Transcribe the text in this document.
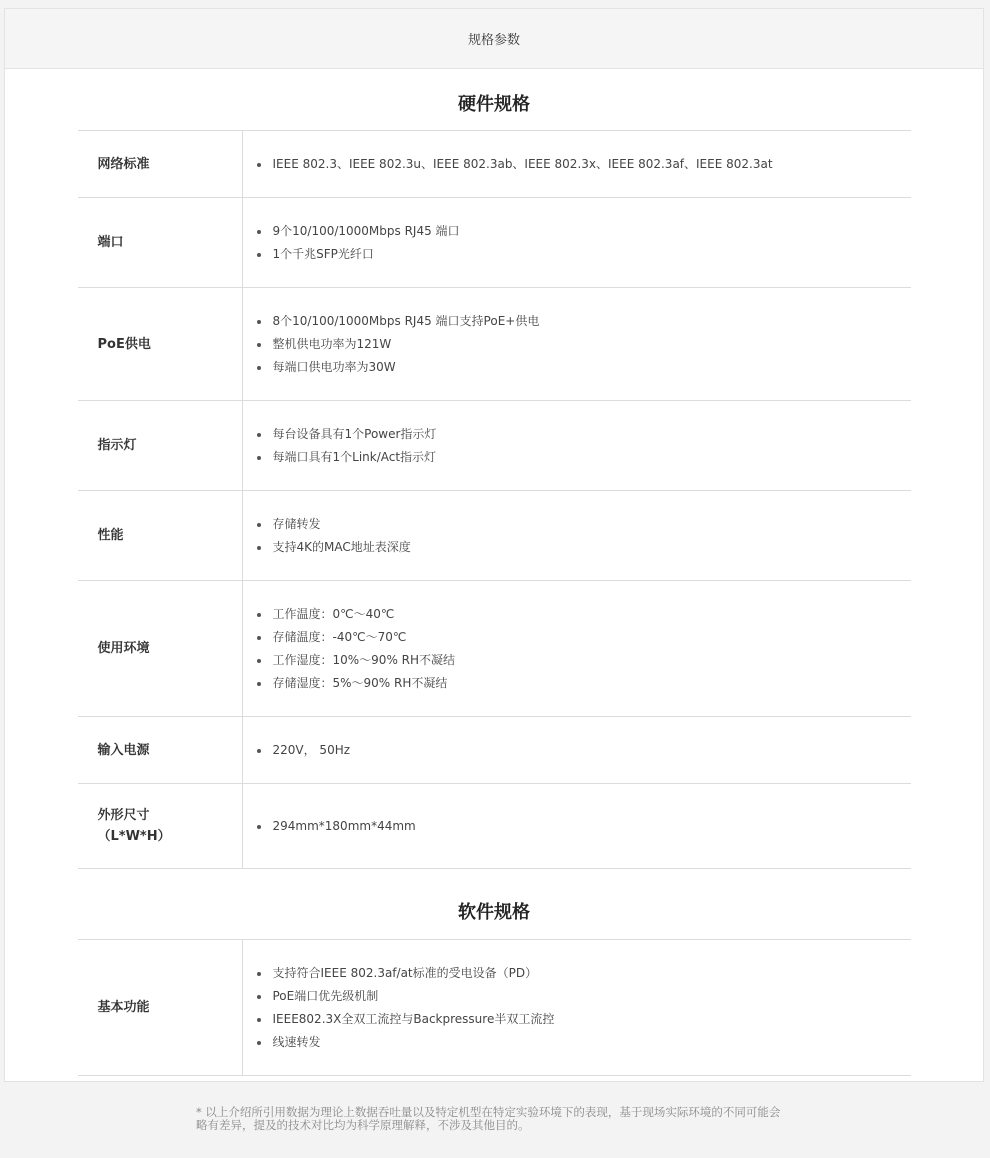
规格参数
硬件规格
网络标准	IEEE 802.3、IEEE 802.3u、IEEE 802.3ab、IEEE 802.3x、IEEE 802.3af、IEEE 802.3at
端口
9个10/100/1000Mbps RJ45 端口
1个千兆SFP光纤口
PoE供电
8个10/100/1000Mbps RJ45 端口支持PoE+供电
整机供电功率为121W
每端口供电功率为30W
指示灯
每台设备具有1个Power指示灯
每端口具有1个Link/Act指示灯
性能
存储转发
支持4K的MAC地址表深度
使用环境
工作温度：0℃～40℃
存储温度：-40℃～70℃
工作湿度：10%～90% RH不凝结
存储湿度：5%～90% RH不凝结
输入电源	220V， 50Hz
外形尺寸
（L*W*H）
294mm*180mm*44mm
软件规格
基本功能
支持符合IEEE 802.3af/at标准的受电设备（PD）
PoE端口优先级机制
IEEE802.3X全双工流控与Backpressure半双工流控
线速转发
* 以上介绍所引用数据为理论上数据吞吐量以及特定机型在特定实验环境下的表现，基于现场实际环境的不同可能会
略有差异，提及的技术对比均为科学原理解释，不涉及其他目的。
